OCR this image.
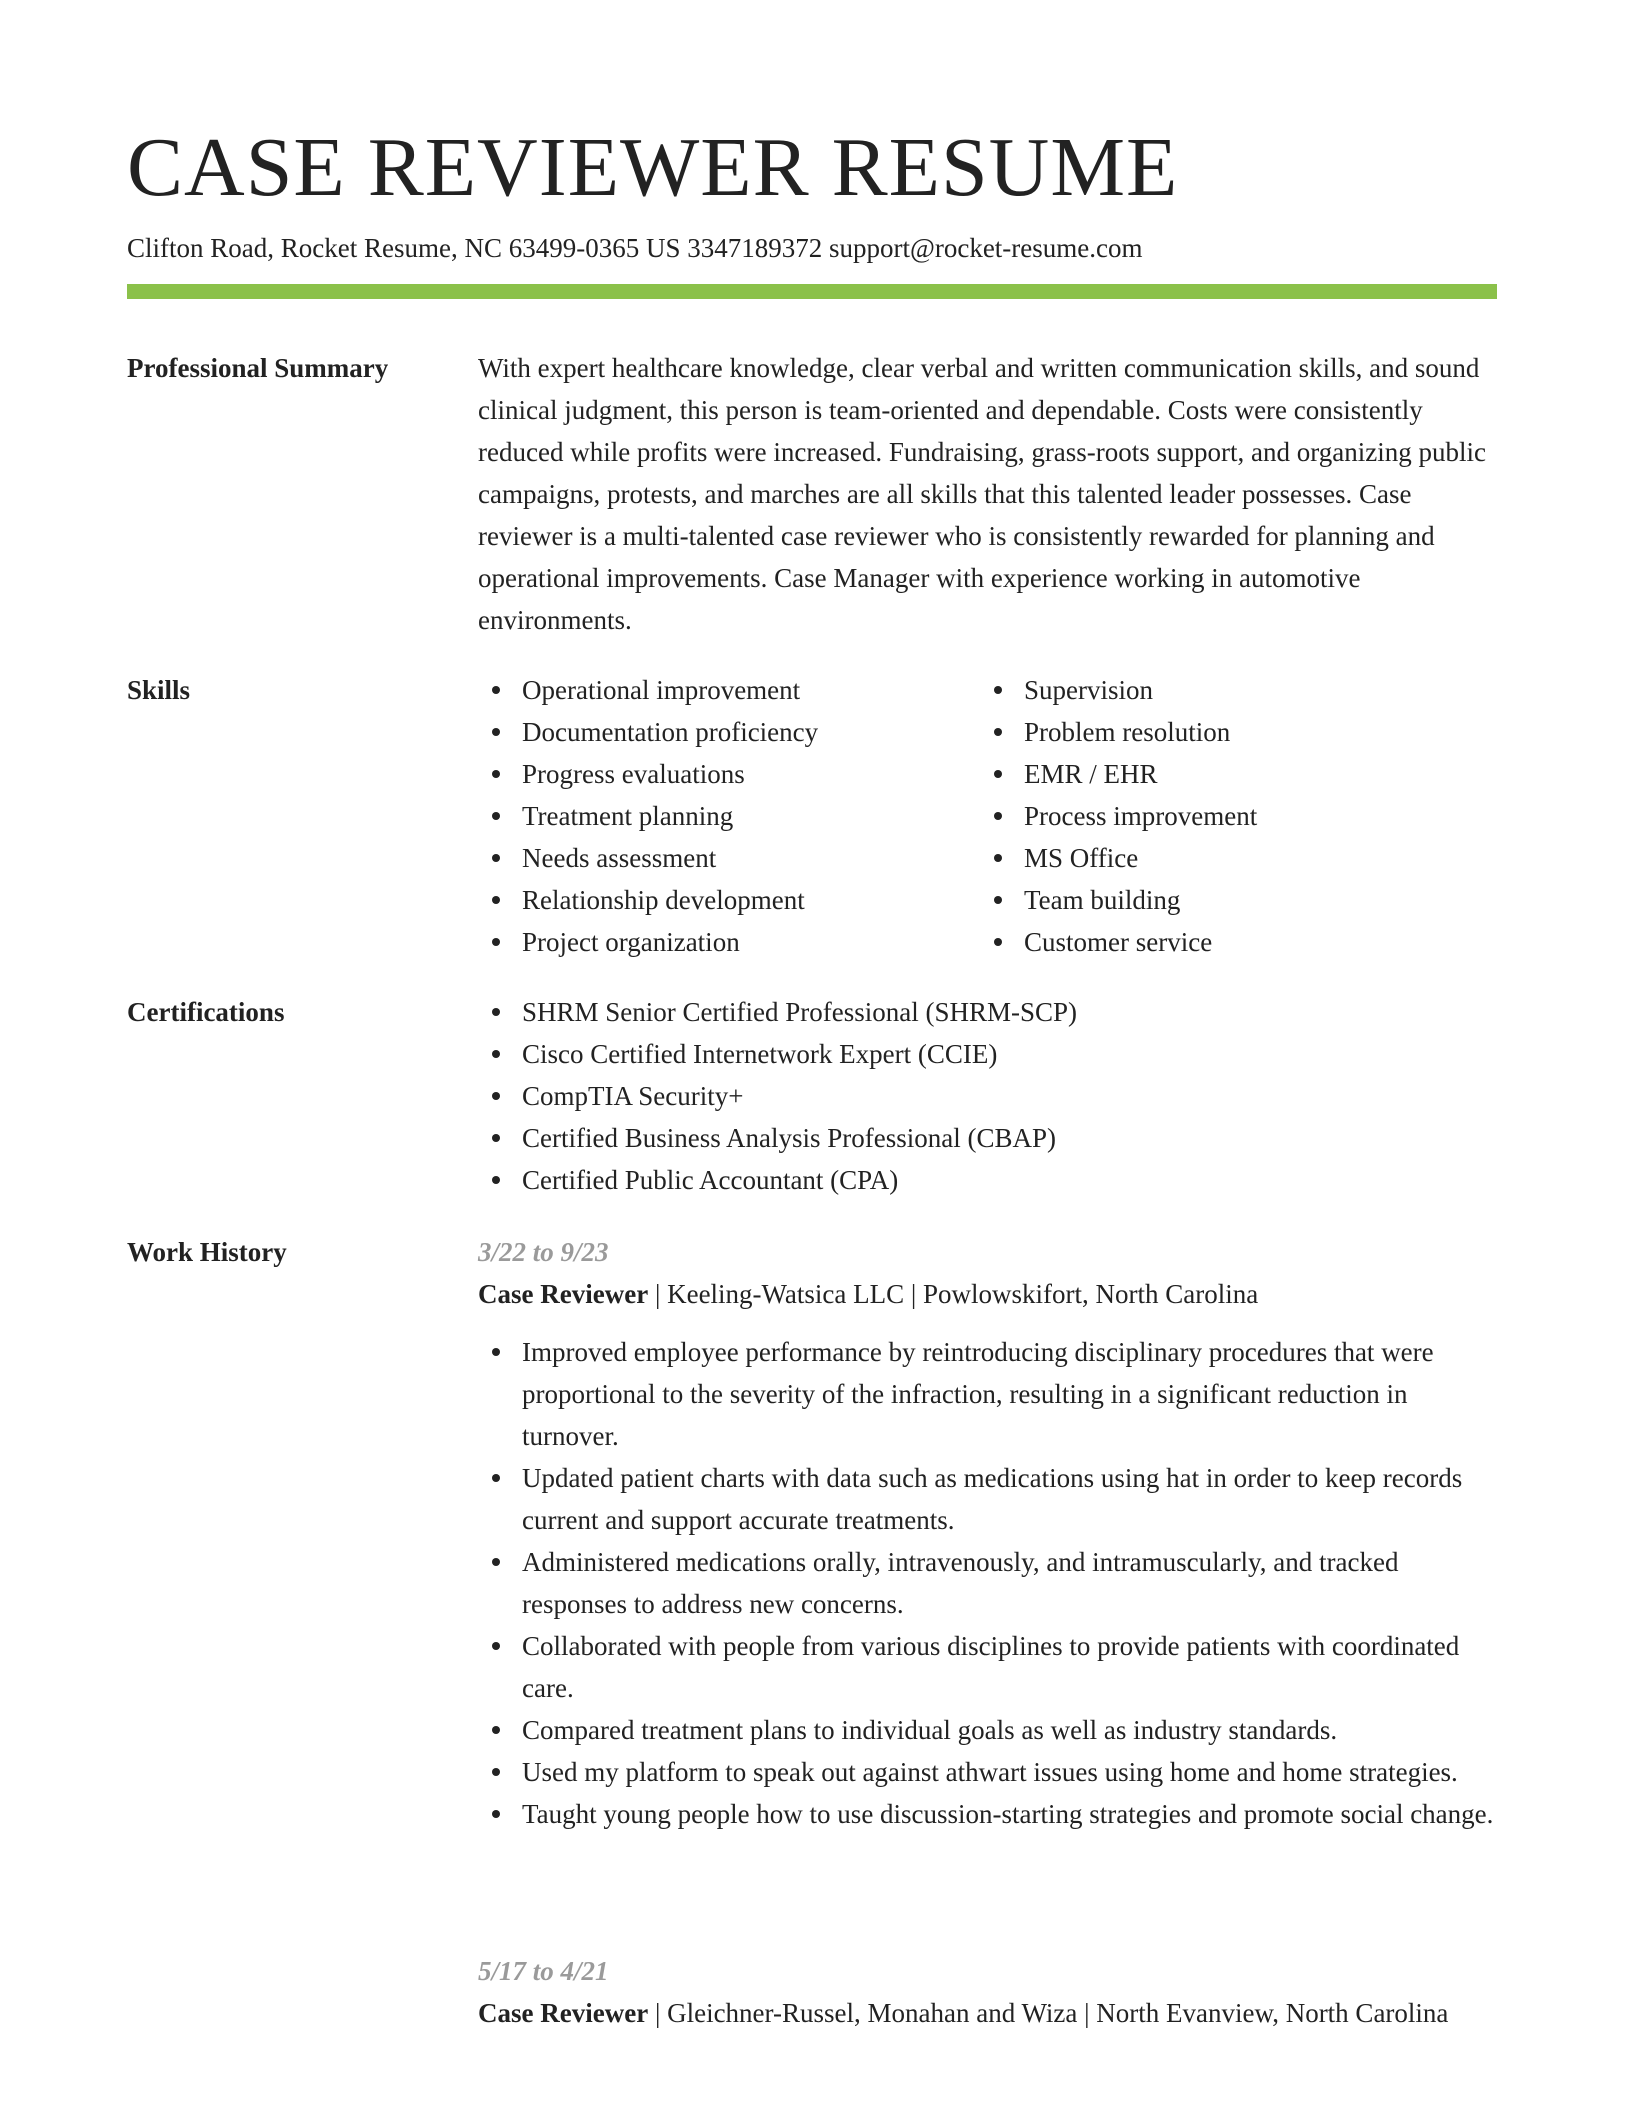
CASE REVIEWER RESUME
Clifton Road, Rocket Resume, NC 63499-0365 US 3347189372 support@rocket-resume.com
Professional Summary	With expert healthcare knowledge, clear verbal and written communication skills, and sound clinical judgment, this person is team-oriented and dependable. Costs were consistently reduced while profits were increased. Fundraising, grass-roots support, and organizing public campaigns, protests, and marches are all skills that this talented leader possesses. Case reviewer is a multi-talented case reviewer who is consistently rewarded for planning and operational improvements. Case Manager with experience working in automotive environments.

Skills	Operational improvement
Documentation proficiency
Progress evaluations
Treatment planning
Needs assessment
Relationship development
Project organization
Supervision
Problem resolution
EMR / EHR
Process improvement
MS Office
Team building
Customer service
Certifications	SHRM Senior Certified Professional (SHRM-SCP)
Cisco Certified Internetwork Expert (CCIE)
CompTIA Security+
Certified Business Analysis Professional (CBAP)
Certified Public Accountant (CPA)
Work History	3/22 to 9/23
Case Reviewer | Keeling-Watsica LLC | Powlowskifort, North Carolina
Improved employee performance by reintroducing disciplinary procedures that were proportional to the severity of the infraction, resulting in a significant reduction in turnover.
Updated patient charts with data such as medications using hat in order to keep records current and support accurate treatments.
Administered medications orally, intravenously, and intramuscularly, and tracked responses to address new concerns.
Collaborated with people from various disciplines to provide patients with coordinated care.
Compared treatment plans to individual goals as well as industry standards.
Used my platform to speak out against athwart issues using home and home strategies.
Taught young people how to use discussion-starting strategies and promote social change.
5/17 to 4/21
Case Reviewer | Gleichner-Russel, Monahan and Wiza | North Evanview, North Carolina
